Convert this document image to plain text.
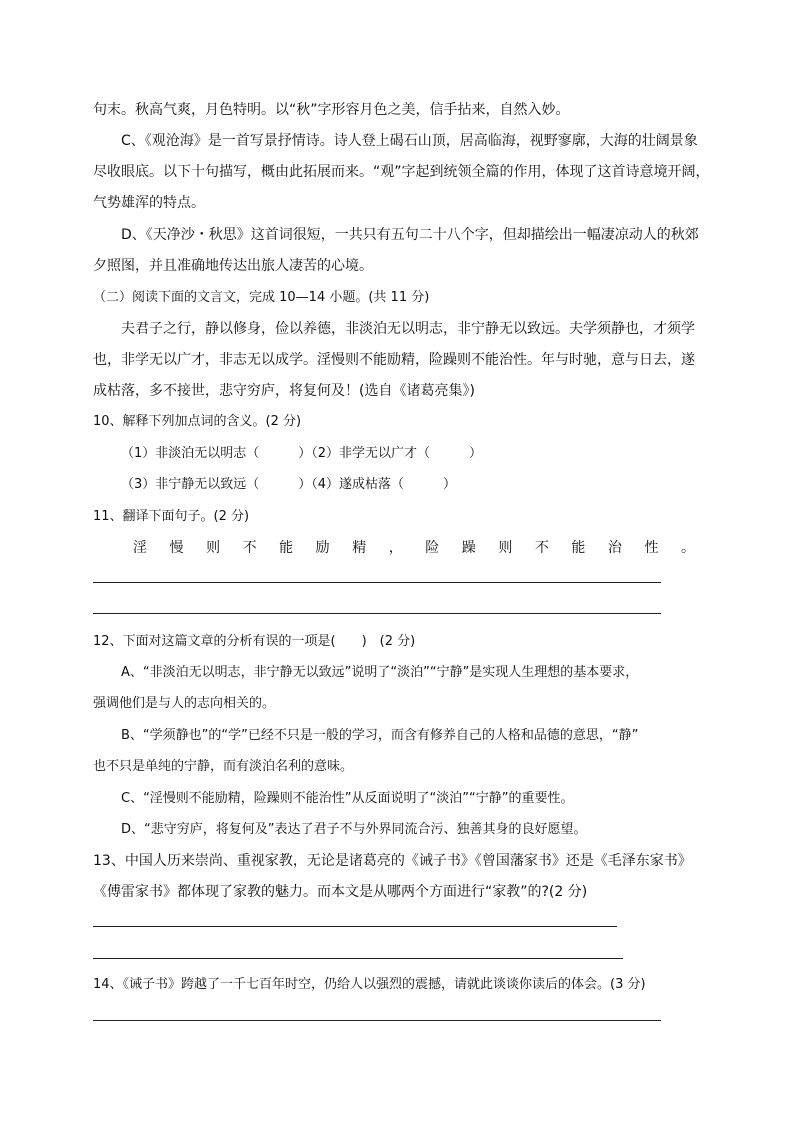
句末。秋高气爽，月色特明。以“秋”字形容月色之美，信手拈来，自然入妙。
C、《观沧海》是一首写景抒情诗。诗人登上碣石山顶，居高临海，视野寥廓，大海的壮阔景象
尽收眼底。以下十句描写，概由此拓展而来。“观”字起到统领全篇的作用，体现了这首诗意境开阔，
气势雄浑的特点。
D、《天净沙・秋思》这首词很短，一共只有五句二十八个字，但却描绘出一幅凄凉动人的秋郊
夕照图，并且准确地传达出旅人凄苦的心境。
（二）阅读下面的文言文，完成 10—14 小题。(共 11 分)
夫君子之行，静以修身，俭以养德，非淡泊无以明志，非宁静无以致远。夫学须静也，才须学
也，非学无以广才，非志无以成学。淫慢则不能励精，险躁则不能治性。年与时驰，意与日去，遂
成枯落，多不接世，悲守穷庐，将复何及！(选自《诸葛亮集》)
10、解释下列加点词的含义。(2 分)
（1）非淡泊无以明志（　　　）（2）非学无以广才（　　　）
（3）非宁静无以致远（　　　）（4）遂成枯落（　　　）
11、翻译下面句子。(2 分)
淫 慢 则 不 能 励 精 ， 险 躁 则 不 能 治 性 。
12、下面对这篇文章的分析有误的一项是(　　)　(2 分)
A、“非淡泊无以明志，非宁静无以致远”说明了“淡泊”“宁静”是实现人生理想的基本要求，
强调他们是与人的志向相关的。
B、“学须静也”的“学”已经不只是一般的学习，而含有修养自己的人格和品德的意思，“静”
也不只是单纯的宁静，而有淡泊名利的意味。
C、“淫慢则不能励精，险躁则不能治性”从反面说明了“淡泊”“宁静”的重要性。
D、“悲守穷庐，将复何及”表达了君子不与外界同流合污、独善其身的良好愿望。
13、中国人历来崇尚、重视家教，无论是诸葛亮的《诫子书》《曾国藩家书》还是《毛泽东家书》
《傅雷家书》都体现了家教的魅力。而本文是从哪两个方面进行“家教”的?(2 分)
14、《诫子书》跨越了一千七百年时空，仍给人以强烈的震撼，请就此谈谈你读后的体会。(3 分)
